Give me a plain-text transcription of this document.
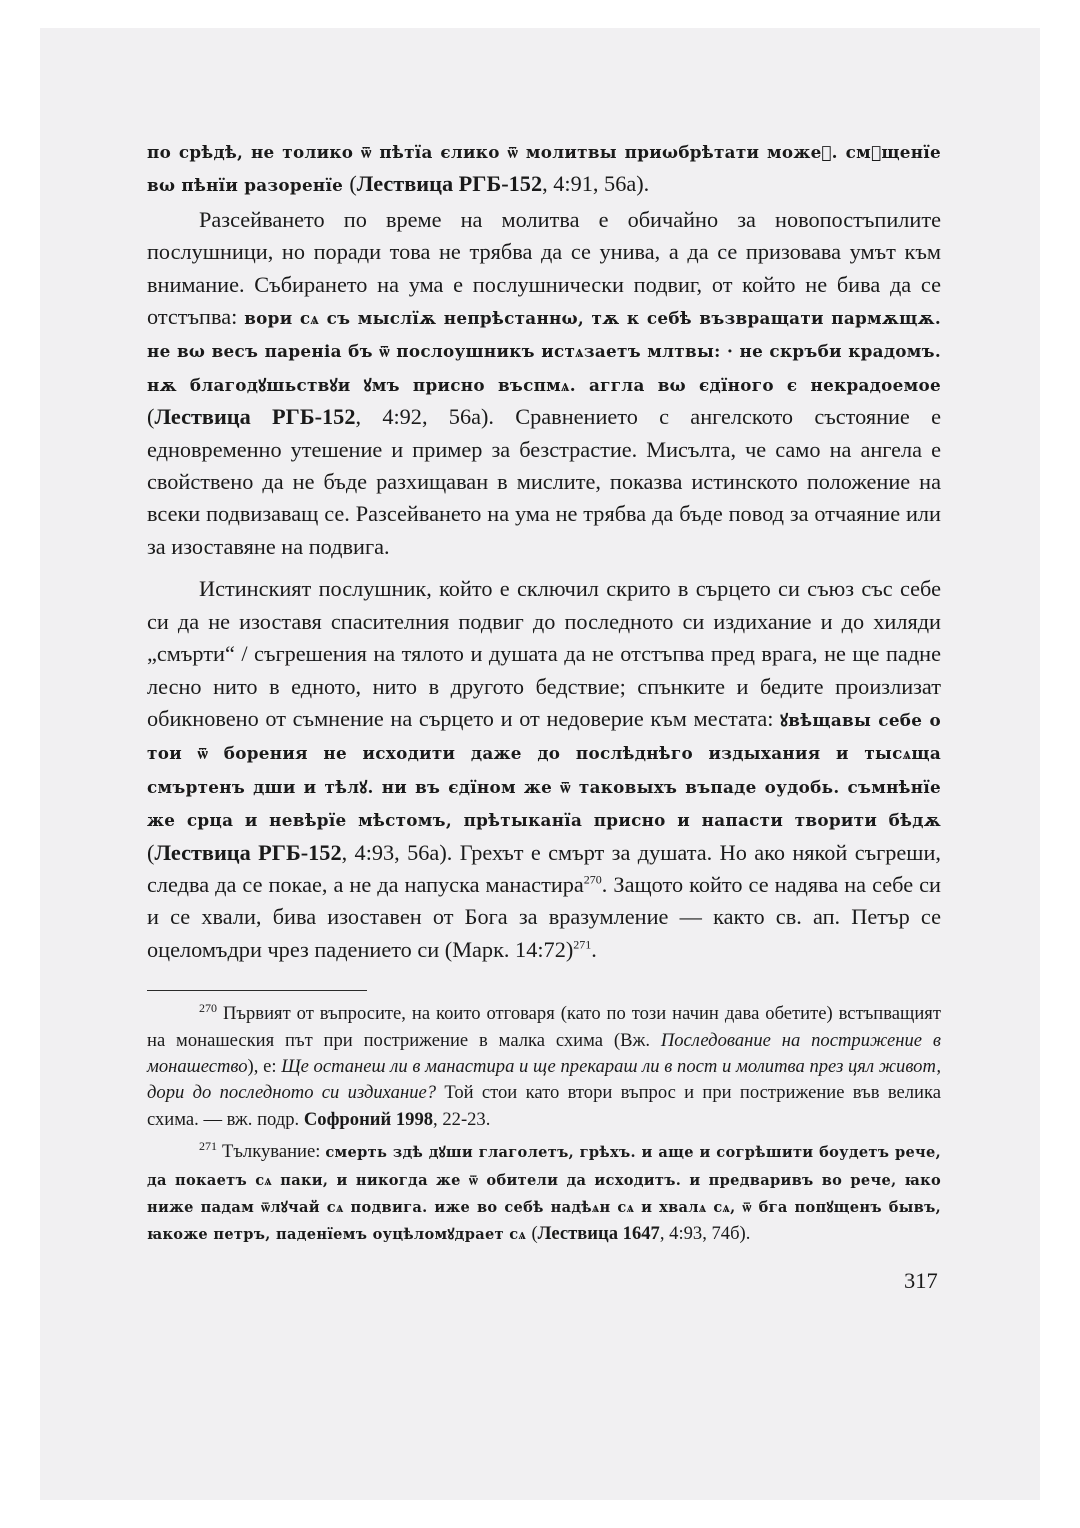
по срѣдѣ, не толико ѿ пѣтїа єлико ѿ молитвы приωбрѣтати можеⷮ. смꙋщенїе вω пѣнїи разоренїе (Лествица РГБ-152, 4:91, 56а).

Разсейването по време на молитва е обичайно за новопостъпилите послушници, но поради това не трябва да се унива, а да се призовава умът към внимание. Събирането на ума е послушнически подвиг, от който не бива да се отстъпва: вори сѧ съ мыслїѫ непрѣстаннω, тѫ к себѣ възвращати пармѫщѫ. не вω весъ пареніа бъ ѿ послоушникъ истѧзаетъ млтвы: · не скръби крадомъ. нѫ благодꙋшьствꙋи ꙋмъ присно въспмѧ. аггла вω єдїного є некрадоемое (Лествица РГБ-152, 4:92, 56а). Сравнението с ангелското състояние е едновременно утешение и пример за безстрастие. Мисълта, че само на ангела е свойствено да не бъде разхищаван в мислите, показва истинското положение на всеки подвизаващ се. Разсейването на ума не трябва да бъде повод за отчаяние или за изоставяне на подвига.

Истинският послушник, който е сключил скрито в сърцето си съюз със себе си да не изоставя спасителния подвиг до последното си издихание и до хиляди „смърти“ / съгрешения на тялото и душата да не отстъпва пред врага, не ще падне лесно нито в едното, нито в другото бедствие; спънките и бедите произлизат обикновено от съмнение на сърцето и от недоверие към местата: ꙋвѣщавы себе о тои ѿ борения не исходити даже до послѣднѣго издыхания и тысѧща смъртенъ дши и тѣлꙋ. ни въ єдїном же ѿ таковыхъ въпаде оудобь. съмнѣнїе же срца и невѣрїе мѣстомъ, прѣтыканїа присно и напасти творити бѣдѫ (Лествица РГБ-152, 4:93, 56а). Грехът е смърт за душата. Но ако някой съгреши, следва да се покае, а не да напуска манастира$^{270}$. Защото който се надява на себе си и се хвали, бива изоставен от Бога за вразумление — както св. ап. Петър се оцеломъдри чрез падението си (Марк. 14:72)$^{271}$.

$^{270}$ Първият от въпросите, на които отговаря (като по този начин дава обетите) встъпващият на монашеския път при пострижение в малка схима (Вж. Последование на пострижение в монашество), е: Ще останеш ли в манастира и ще прекараш ли в пост и молитва през цял живот, дори до последното си издихание? Той стои като втори въпрос и при пострижение във велика схима. — вж. подр. Софроний 1998, 22-23.

$^{271}$ Тълкувание: смерть здѣ дꙋши глаголетъ, грѣхъ. и аще и согрѣшити боудетъ рече, да покаетъ сѧ паки, и никогда же ѿ обители да исходитъ. и предваривъ во рече, ꙗко ниже падам ѿлꙋчай сѧ подвига. иже во себѣ надѣѧн сѧ и хвалѧ сѧ, ѿ бга попꙋщенъ бывъ, ꙗкоже петръ, паденїемъ оуцѣломꙋдрает сѧ (Лествица 1647, 4:93, 74б).

317
